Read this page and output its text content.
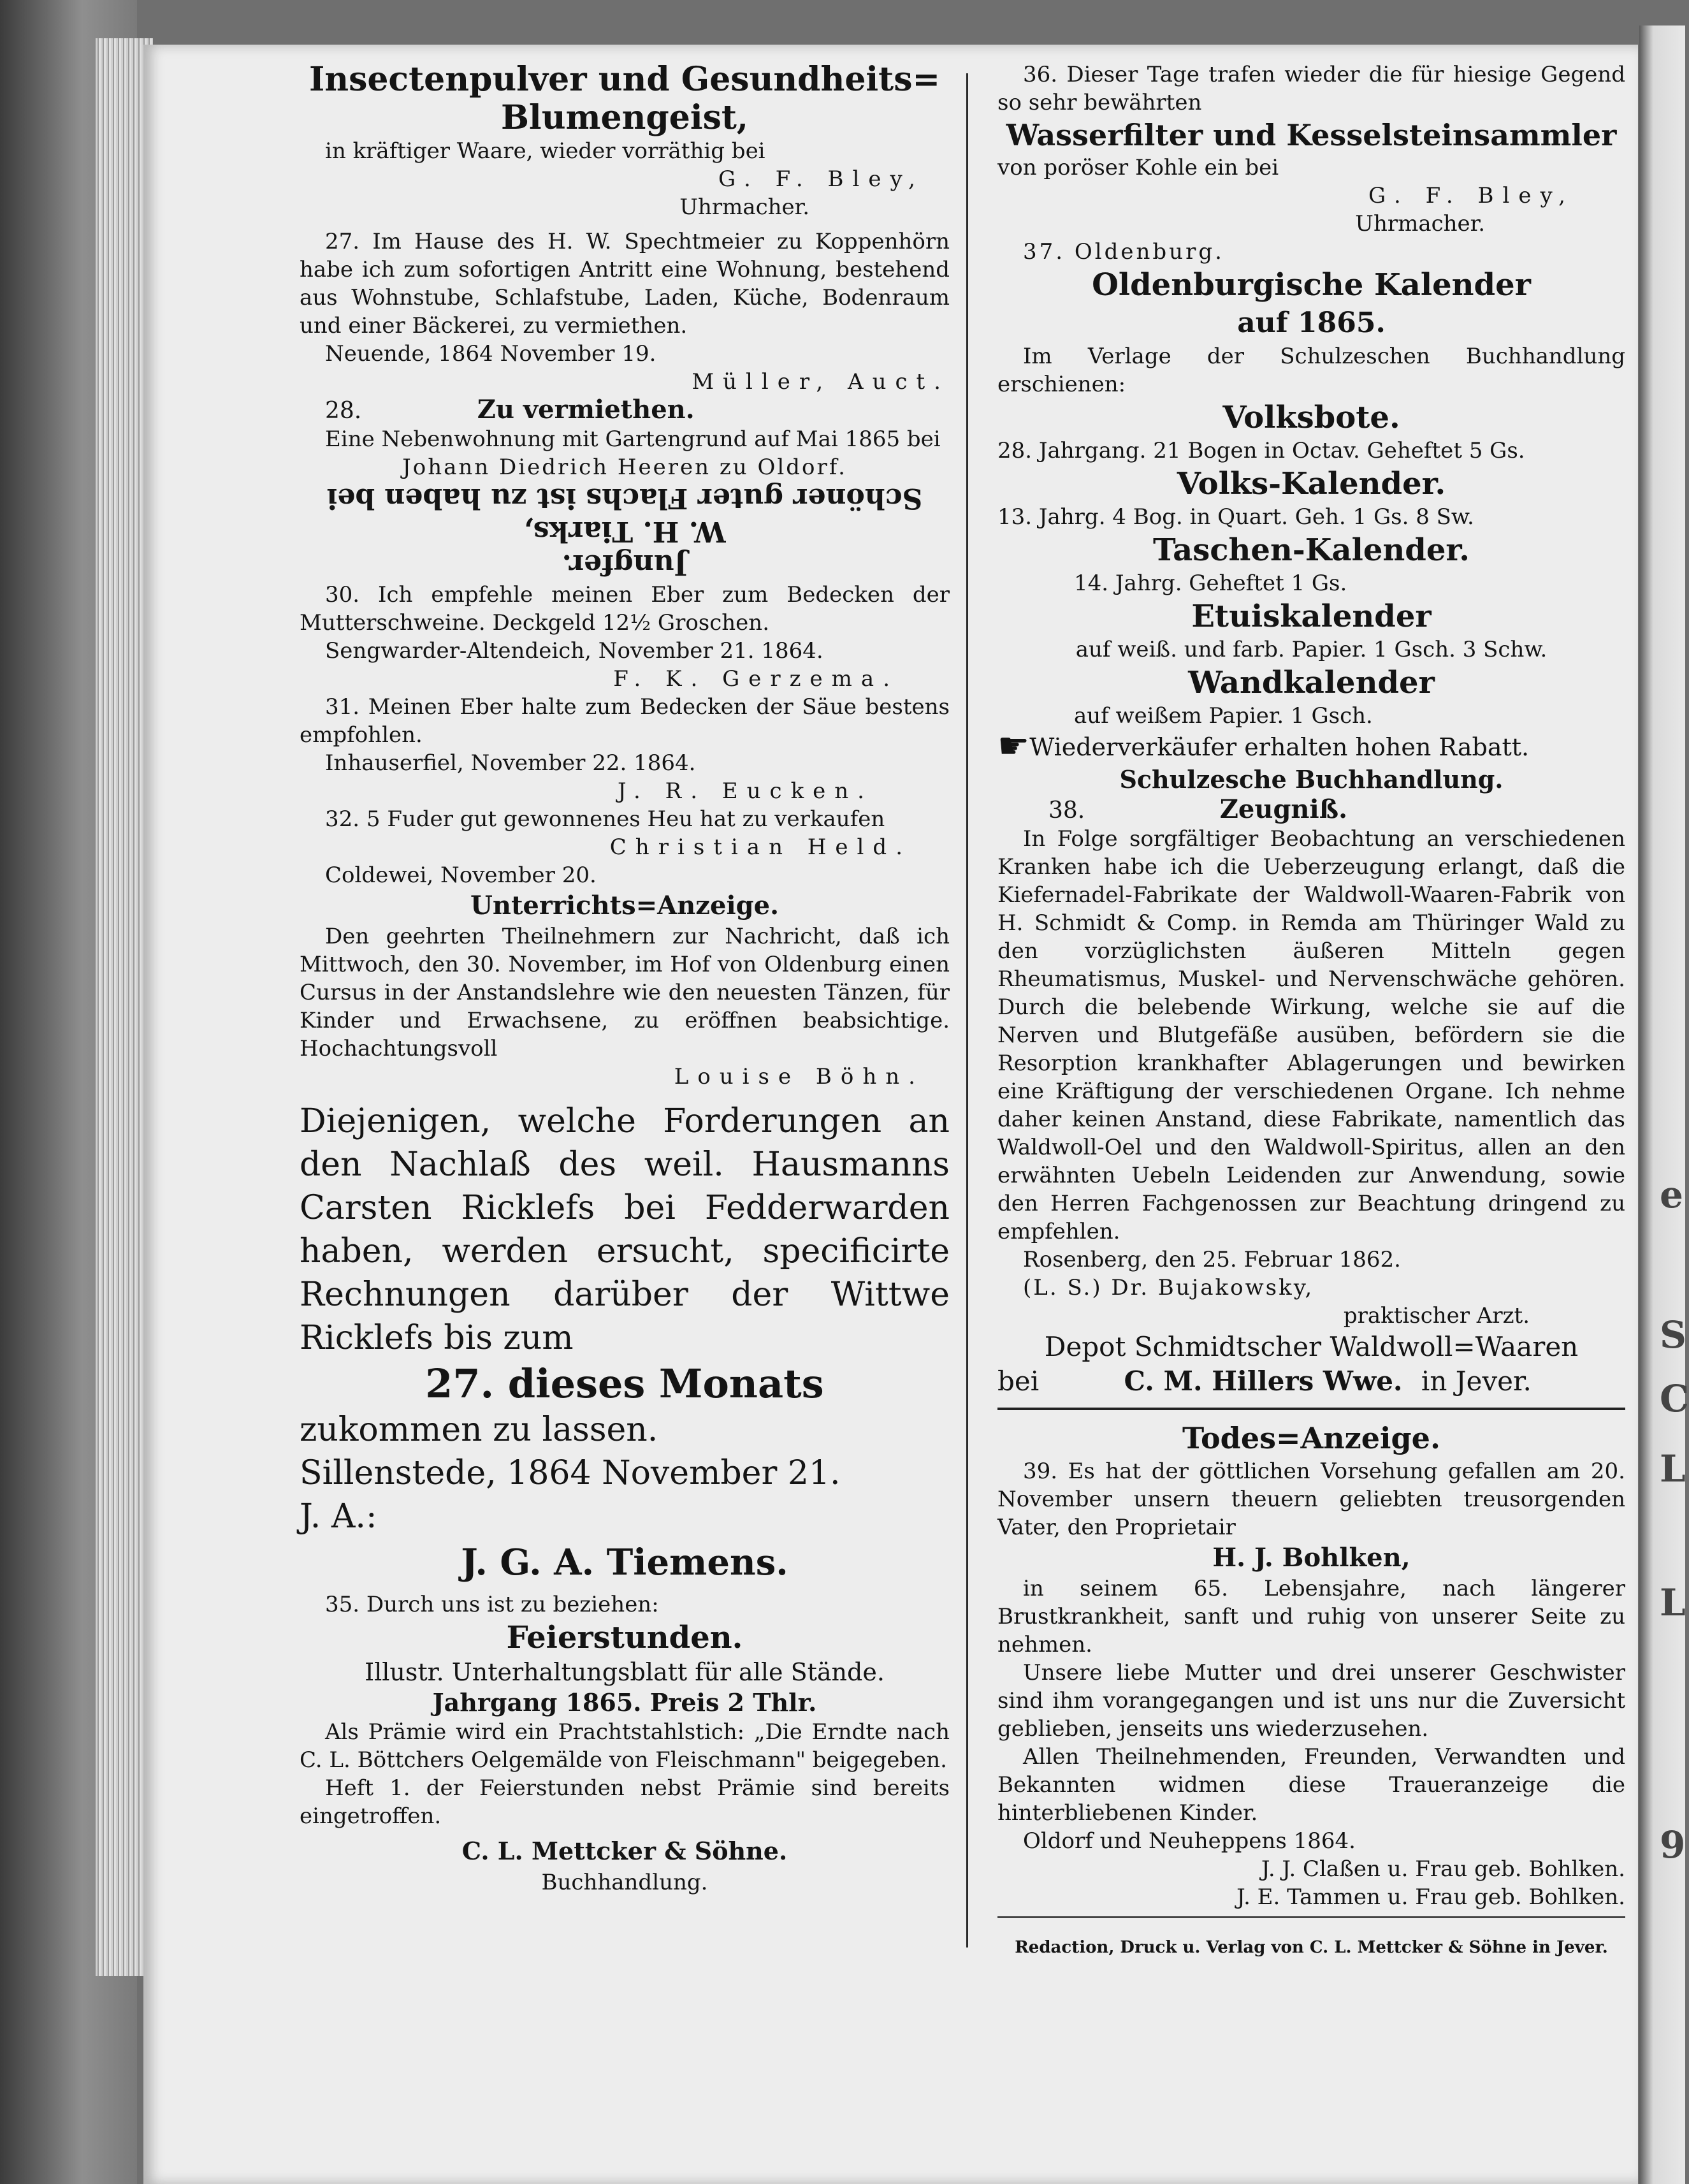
e
S
C
L
L
9

Insectenpulver und Gesundheits=

Blumengeist,

in kräftiger Waare, wieder vorräthig bei

G. F. Bley,

Uhrmacher.

27. Im Hause des H. W. Spechtmeier zu Koppenhörn habe ich zum sofortigen Antritt eine Wohnung, bestehend aus Wohnstube, Schlafstube, Laden, Küche, Bodenraum und einer Bäckerei, zu vermiethen.

Neuende, 1864 November 19.

Müller, Auct.

28.	Zu vermiethen.

Eine Nebenwohnung mit Gartengrund auf Mai 1865 bei

Johann Diedrich Heeren zu Oldorf.

Jungfer.

W. H. Tiarks,

Schöner guter Flachs ist zu haben bei

30. Ich empfehle meinen Eber zum Bedecken der Mutterschweine. Deckgeld 12½ Groschen.

Sengwarder-Altendeich, November 21. 1864.

F. K. Gerzema.

31. Meinen Eber halte zum Bedecken der Säue bestens empfohlen.

Inhauserfiel, November 22. 1864.

J. R. Eucken.

32. 5 Fuder gut gewonnenes Heu hat zu verkaufen

Christian Held.

Coldewei, November 20.

Unterrichts=Anzeige.

Den geehrten Theilnehmern zur Nachricht, daß ich Mittwoch, den 30. November, im Hof von Oldenburg einen Cursus in der Anstandslehre wie den neuesten Tänzen, für Kinder und Erwachsene, zu eröffnen beabsichtige. Hochachtungsvoll

Louise Böhn.

Diejenigen, welche Forderungen an den Nachlaß des weil. Hausmanns Carsten Ricklefs bei Fedderwarden haben, werden ersucht, specificirte Rechnungen darüber der Wittwe Ricklefs bis zum

27. dieses Monats

zukommen zu lassen.

Sillenstede, 1864 November 21.

J. A.:

J. G. A. Tiemens.

35. Durch uns ist zu beziehen:

Feierstunden.

Illustr. Unterhaltungsblatt für alle Stände.

Jahrgang 1865. Preis 2 Thlr.

Als Prämie wird ein Prachtstahlstich: „Die Erndte nach C. L. Böttchers Oelgemälde von Fleischmann" beigegeben.

Heft 1. der Feierstunden nebst Prämie sind bereits eingetroffen.

C. L. Mettcker & Söhne.

Buchhandlung.

36. Dieser Tage trafen wieder die für hiesige Gegend so sehr bewährten

Wasserfilter und Kesselsteinsammler

von poröser Kohle ein bei

G. F. Bley,

Uhrmacher.

37. Oldenburg.

Oldenburgische Kalender

auf 1865.

Im Verlage der Schulzeschen Buchhandlung erschienen:

Volksbote.

28. Jahrgang. 21 Bogen in Octav. Geheftet 5 Gs.

Volks-Kalender.

13. Jahrg. 4 Bog. in Quart. Geh. 1 Gs. 8 Sw.

Taschen-Kalender.

14. Jahrg. Geheftet 1 Gs.

Etuiskalender

auf weiß. und farb. Papier. 1 Gsch. 3 Schw.

Wandkalender

auf weißem Papier. 1 Gsch.

☛Wiederverkäufer erhalten hohen Rabatt.

Schulzesche Buchhandlung.

38.	Zeugniß.

In Folge sorgfältiger Beobachtung an verschiedenen Kranken habe ich die Ueberzeugung erlangt, daß die Kiefernadel-Fabrikate der Waldwoll-Waaren-Fabrik von H. Schmidt & Comp. in Remda am Thüringer Wald zu den vorzüglichsten äußeren Mitteln gegen Rheumatismus, Muskel- und Nervenschwäche gehören. Durch die belebende Wirkung, welche sie auf die Nerven und Blutgefäße ausüben, befördern sie die Resorption krankhafter Ablagerungen und bewirken eine Kräftigung der verschiedenen Organe. Ich nehme daher keinen Anstand, diese Fabrikate, namentlich das Waldwoll-Oel und den Waldwoll-Spiritus, allen an den erwähnten Uebeln Leidenden zur Anwendung, sowie den Herren Fachgenossen zur Beachtung dringend zu empfehlen.

Rosenberg, den 25. Februar 1862.

(L. S.) Dr. Bujakowsky,

praktischer Arzt.

Depot Schmidtscher Waldwoll=Waaren

bei	C. M. Hillers Wwe. in Jever.

Todes=Anzeige.

39. Es hat der göttlichen Vorsehung gefallen am 20. November unsern theuern geliebten treusorgenden Vater, den Proprietair

H. J. Bohlken,

in seinem 65. Lebensjahre, nach längerer Brustkrankheit, sanft und ruhig von unserer Seite zu nehmen.

Unsere liebe Mutter und drei unserer Geschwister sind ihm vorangegangen und ist uns nur die Zuversicht geblieben, jenseits uns wiederzusehen.

Allen Theilnehmenden, Freunden, Verwandten und Bekannten widmen diese Traueranzeige die hinterbliebenen Kinder.

Oldorf und Neuheppens 1864.

J. J. Claßen u. Frau geb. Bohlken.

J. E. Tammen u. Frau geb. Bohlken.

Redaction, Druck u. Verlag von C. L. Mettcker & Söhne in Jever.
